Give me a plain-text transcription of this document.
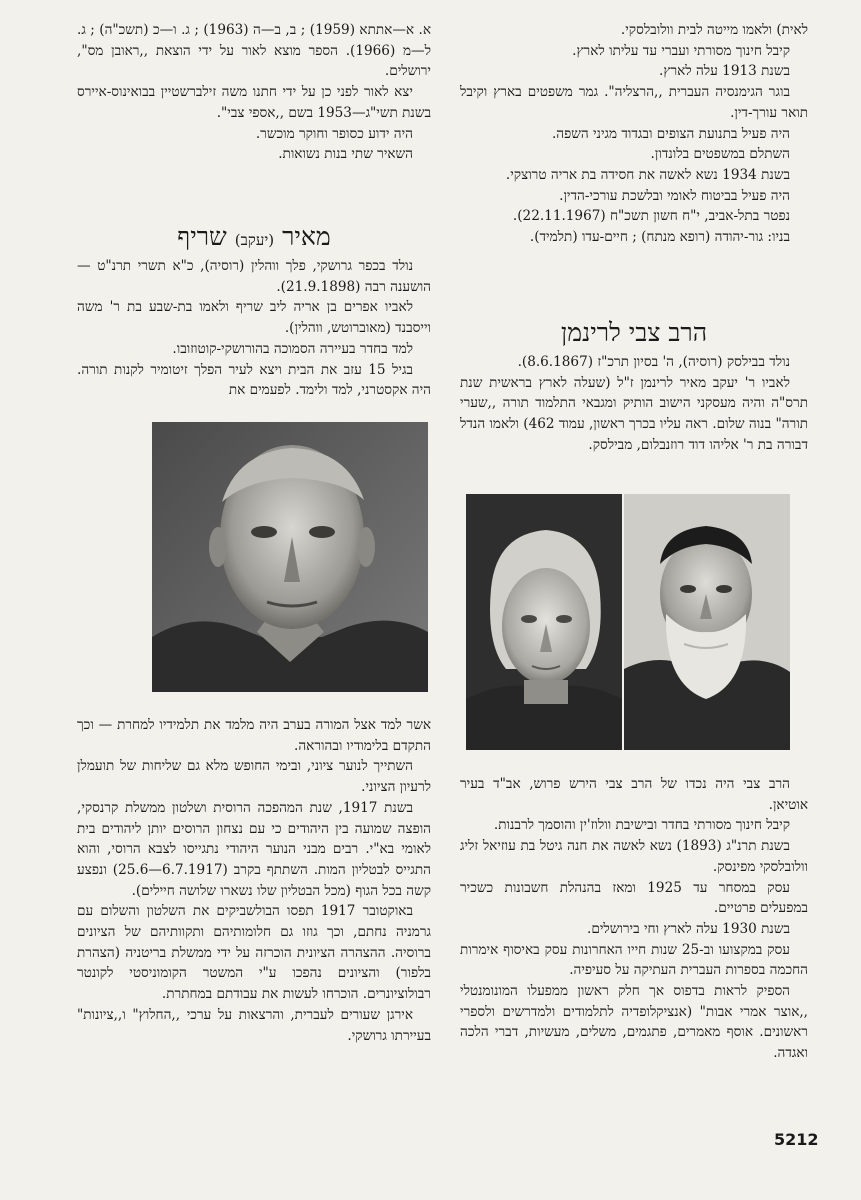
א. א—אתתא (1959) ; ב, ב—ה (1963) ; ג. ו—כ (תשכ"ה) ; ג. ל—מ (1966). הספר מוצא לאור על ידי הוצאת ,,ראובן מס", ירושלים.

יצא לאור לפני כן על ידי חתנו משה זילברשטיין בבואינוס-איירס בשנת תשי"ג—1953 בשם ,,אספי צבי".

היה ידוע כסופר וחוקר מוכשר.

השאיר שתי בנות נשואות.

מאיר (יעקב) שריף

נולד בכפר גרושקי, פלך ווהלין (רוסיה), כ"א תשרי תרנ"ט — הושענה רבה (21.9.1898).

לאביו אפרים בן אריה ליב שריף ולאמו בת-שבע בת ר' משה וייסבנד (מאוברוטש, ווהלין).

למד בחדר בעיירה הסמוכה בהורושקי-קוטוזובו.

בגיל 15 עזב את הבית ויצא לעיר הפלך זיטומיר לקנות תורה. היה אקסטרני, למד ולימד. לפעמים את

אשר למד אצל המורה בערב היה מלמד את תלמידיו למחרת — וכך התקדם בלימודיו ובהוראה.

השתייך לנוער ציוני, ובימי החופש מלא גם שליחות של תועמלן לרעיון הציוני.

בשנת 1917, שנת המהפכה הרוסית ושלטון ממשלת קרנסקי, הופצה שמועה בין היהודים כי עם נצחון הרוסים יותן ליהודים בית לאומי בא"י. רבים מבני הנוער היהודי נתגייסו לצבא הרוסי, והוא התגייס לבטליון המות. השתתף בקרב (6.7.1917—25.6) ונפצע קשה בכל הגוף (מכל הבטליון שלו נשארו שלושה חיילים).

באוקטובר 1917 תפסו הבולשביקים את השלטון והשלום עם גרמניה נחתם, וכך גוזו גם חלומותיהם ותקוותיהם של הציונים ברוסיה. ההצהרה הציונית הוכרזה על ידי ממשלת בריטניה (הצהרת בלפור) והציונים נהפכו ע"י המשטר הקומוניסטי לקונטר רבולוציונרים. הוכרחו לעשות את עבודתם במחתרת.

אירגן שעורים לעברית, והרצאות על ערכי ,,החלוץ" ו,,ציונות" בעיירתו גרושקי.

לאית) ולאמו מייטה לבית וולובלסקי.

קיבל חינוך מסורתי ועברי עד עליתו לארץ.

בשנת 1913 עלה לארץ.

בוגר הגימנסיה העברית ,,הרצליה". גמר משפטים בארץ וקיבל תואר עורך-דין.

היה פעיל בתנועת הצופים ובגדוד מגיני השפה.

השתלם במשפטים בלונדון.

בשנת 1934 נשא לאשה את חסידה בת אריה טרוצקי.

היה פעיל בביטוח לאומי ובלשכת עורכי-הדין.

נפטר בתל-אביב, י"ח חשון תשכ"ח (22.11.1967).

בניו: גור-יהודה (רופא מנתח) ; חיים-עדו (תלמיד).

הרב צבי לרינמן

נולד בבילסק (רוסיה), ה' בסיון תרכ"ז (8.6.1867).

לאביו ר' יעקב מאיר לרינמן ז"ל (שעלה לארץ בראשית שנת תרס"ה והיה מעסקני הישוב הותיק ומגבאי התלמוד תורה ,,שערי תורה" בנוה שלום. ראה עליו בכרך ראשון, עמוד 462) ולאמו הנדל דבורה בת ר' אליהו דוד רוזנבלום, מבילסק.

הרב צבי היה נכדו של הרב צבי הירש פרוש, אב"ד בעיר אוטיאן.

קיבל חינוך מסורתי בחדר ובישיבת וולוז'ין והוסמך לרבנות.

בשנת תרנ"ג (1893) נשא לאשה את חנה גיטל בת עוזיאל זליג וולובלסקי מפינסק.

עסק במסחר עד 1925 ומאז בהנהלת חשבונות כשכיר במפעלים פרטיים.

בשנת 1930 עלה לארץ וחי בירושלים.

עסק במקצועו וב-25 שנות חייו האחרונות עסק באיסוף אימרות החכמה בספרות העברית העתיקה על סעיפיה.

הספיק לראות בדפוס אך חלק ראשון ממפעלו המונומנטלי ,,אוצר אמרי אבות" (אנציקלופדיה לתלמודים ולמדרשים ולספרי ראשונים. אוסף מאמרים, פתגמים, משלים, מעשיות, דברי הלכה ואגדה.

5212
